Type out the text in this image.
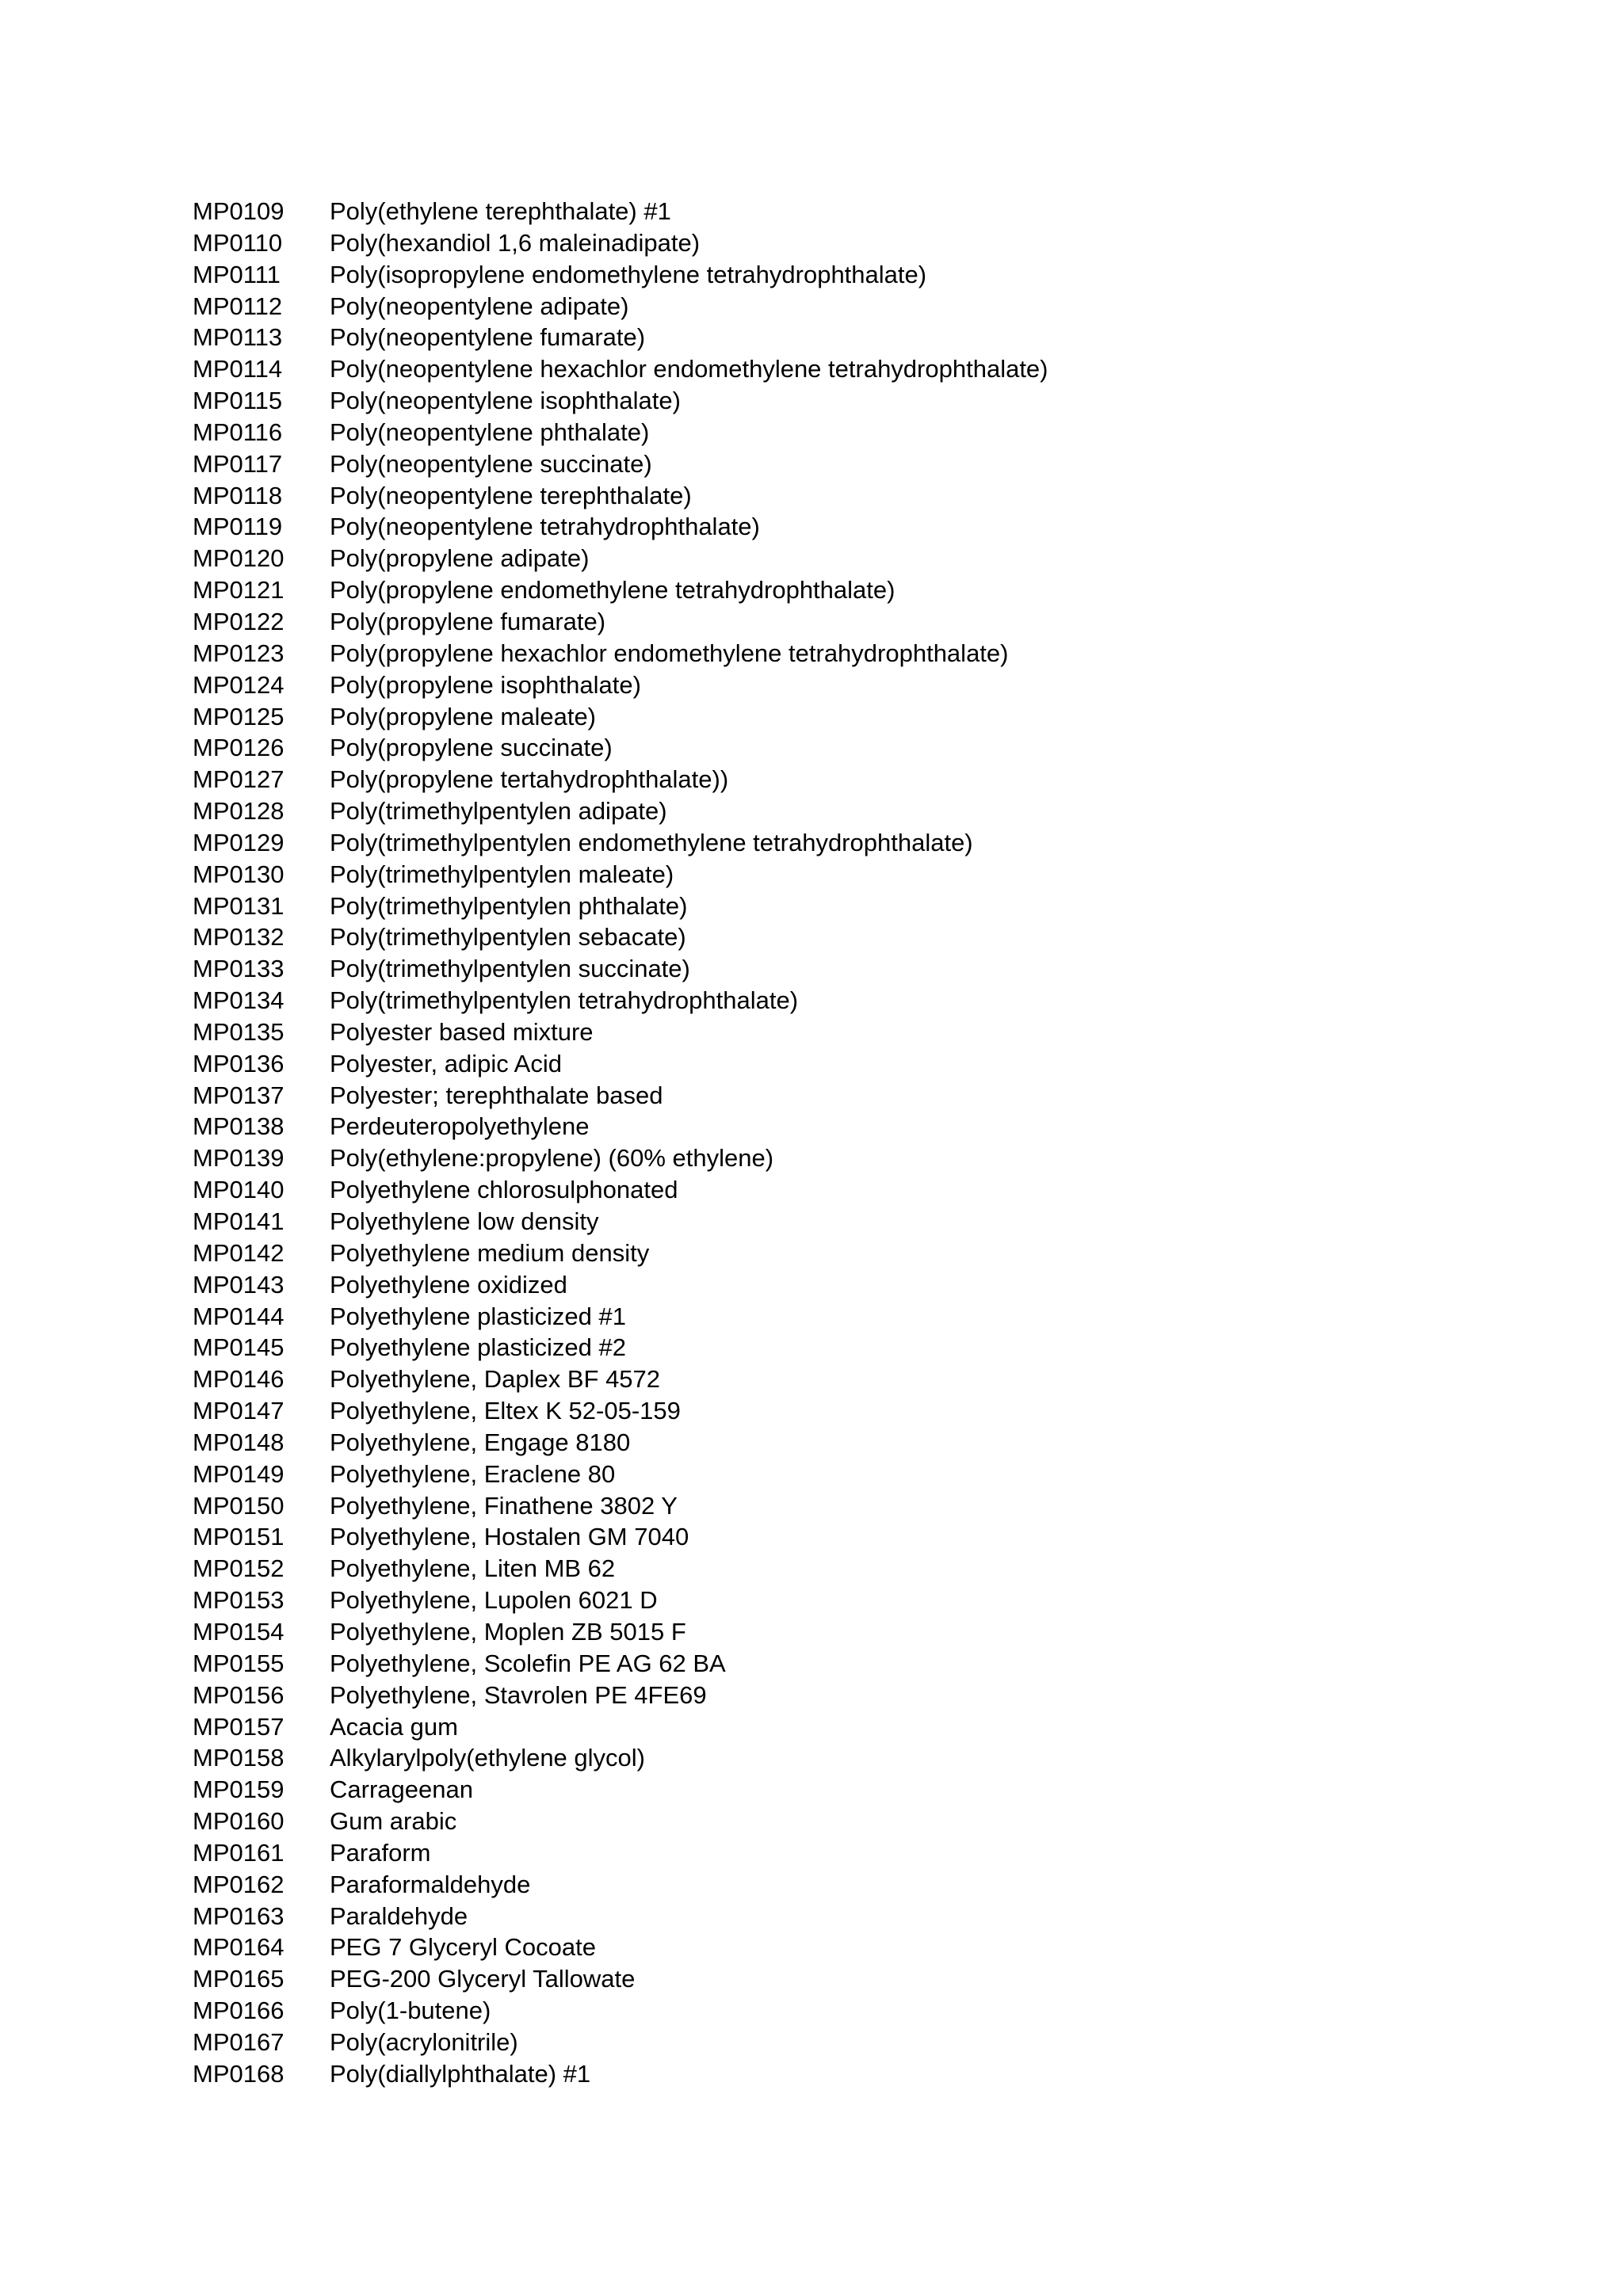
MP0109	Poly(ethylene terephthalate) #1
MP0110	Poly(hexandiol 1,6 maleinadipate)
MP0111	Poly(isopropylene endomethylene tetrahydrophthalate)
MP0112	Poly(neopentylene adipate)
MP0113	Poly(neopentylene fumarate)
MP0114	Poly(neopentylene hexachlor endomethylene tetrahydrophthalate)
MP0115	Poly(neopentylene isophthalate)
MP0116	Poly(neopentylene phthalate)
MP0117	Poly(neopentylene succinate)
MP0118	Poly(neopentylene terephthalate)
MP0119	Poly(neopentylene tetrahydrophthalate)
MP0120	Poly(propylene adipate)
MP0121	Poly(propylene endomethylene tetrahydrophthalate)
MP0122	Poly(propylene fumarate)
MP0123	Poly(propylene hexachlor endomethylene tetrahydrophthalate)
MP0124	Poly(propylene isophthalate)
MP0125	Poly(propylene maleate)
MP0126	Poly(propylene succinate)
MP0127	Poly(propylene tertahydrophthalate))
MP0128	Poly(trimethylpentylen adipate)
MP0129	Poly(trimethylpentylen endomethylene tetrahydrophthalate)
MP0130	Poly(trimethylpentylen maleate)
MP0131	Poly(trimethylpentylen phthalate)
MP0132	Poly(trimethylpentylen sebacate)
MP0133	Poly(trimethylpentylen succinate)
MP0134	Poly(trimethylpentylen tetrahydrophthalate)
MP0135	Polyester based mixture
MP0136	Polyester, adipic Acid
MP0137	Polyester; terephthalate based
MP0138	Perdeuteropolyethylene
MP0139	Poly(ethylene:propylene) (60% ethylene)
MP0140	Polyethylene chlorosulphonated
MP0141	Polyethylene low density
MP0142	Polyethylene medium density
MP0143	Polyethylene oxidized
MP0144	Polyethylene plasticized #1
MP0145	Polyethylene plasticized #2
MP0146	Polyethylene, Daplex BF 4572
MP0147	Polyethylene, Eltex K 52-05-159
MP0148	Polyethylene, Engage 8180
MP0149	Polyethylene, Eraclene 80
MP0150	Polyethylene, Finathene 3802 Y
MP0151	Polyethylene, Hostalen GM 7040
MP0152	Polyethylene, Liten MB 62
MP0153	Polyethylene, Lupolen 6021 D
MP0154	Polyethylene, Moplen ZB 5015 F
MP0155	Polyethylene, Scolefin PE AG 62 BA
MP0156	Polyethylene, Stavrolen PE 4FE69
MP0157	Acacia gum
MP0158	Alkylarylpoly(ethylene glycol)
MP0159	Carrageenan
MP0160	Gum arabic
MP0161	Paraform
MP0162	Paraformaldehyde
MP0163	Paraldehyde
MP0164	PEG 7 Glyceryl Cocoate
MP0165	PEG-200 Glyceryl Tallowate
MP0166	Poly(1-butene)
MP0167	Poly(acrylonitrile)
MP0168	Poly(diallylphthalate) #1
